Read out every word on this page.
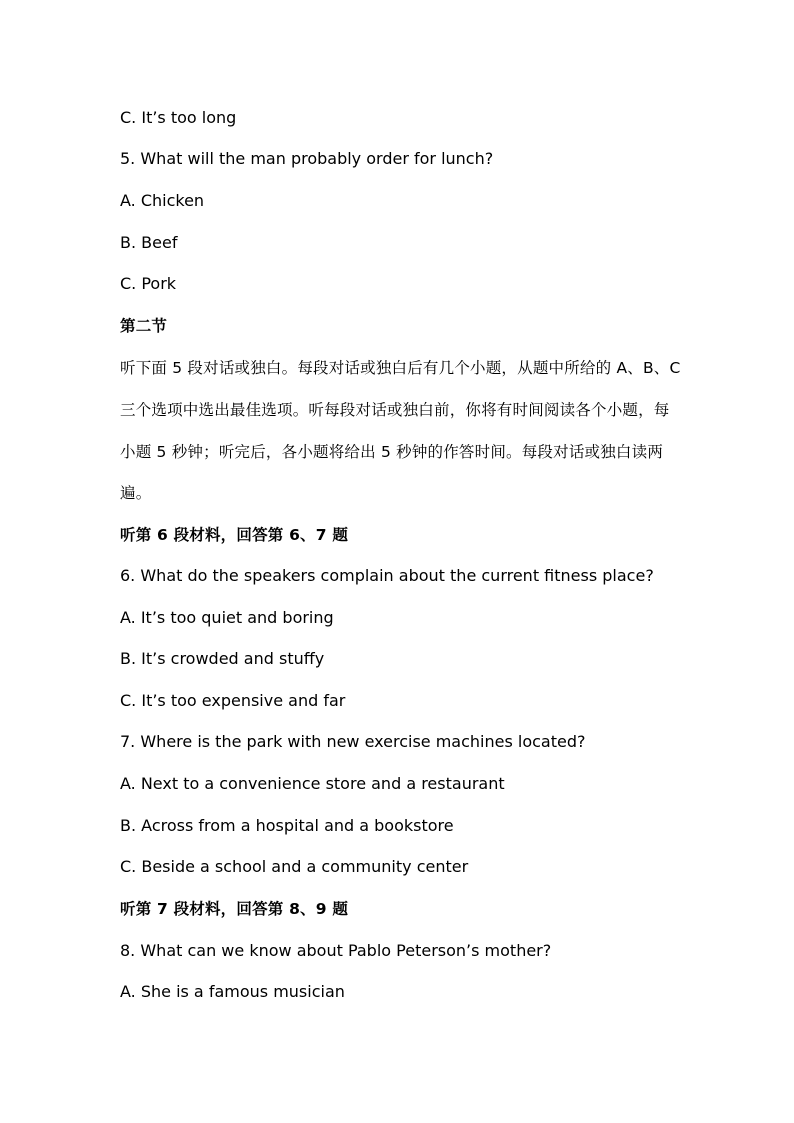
C. It’s too long
5. What will the man probably order for lunch?
A. Chicken
B. Beef
C. Pork
第二节
听下面 5 段对话或独白。每段对话或独白后有几个小题，从题中所给的 A、B、C
三个选项中选出最佳选项。听每段对话或独白前，你将有时间阅读各个小题，每
小题 5 秒钟；听完后，各小题将给出 5 秒钟的作答时间。每段对话或独白读两
遍。
听第 6 段材料，回答第 6、7 题
6. What do the speakers complain about the current fitness place?
A. It’s too quiet and boring
B. It’s crowded and stuffy
C. It’s too expensive and far
7. Where is the park with new exercise machines located?
A. Next to a convenience store and a restaurant
B. Across from a hospital and a bookstore
C. Beside a school and a community center
听第 7 段材料，回答第 8、9 题
8. What can we know about Pablo Peterson’s mother?
A. She is a famous musician
